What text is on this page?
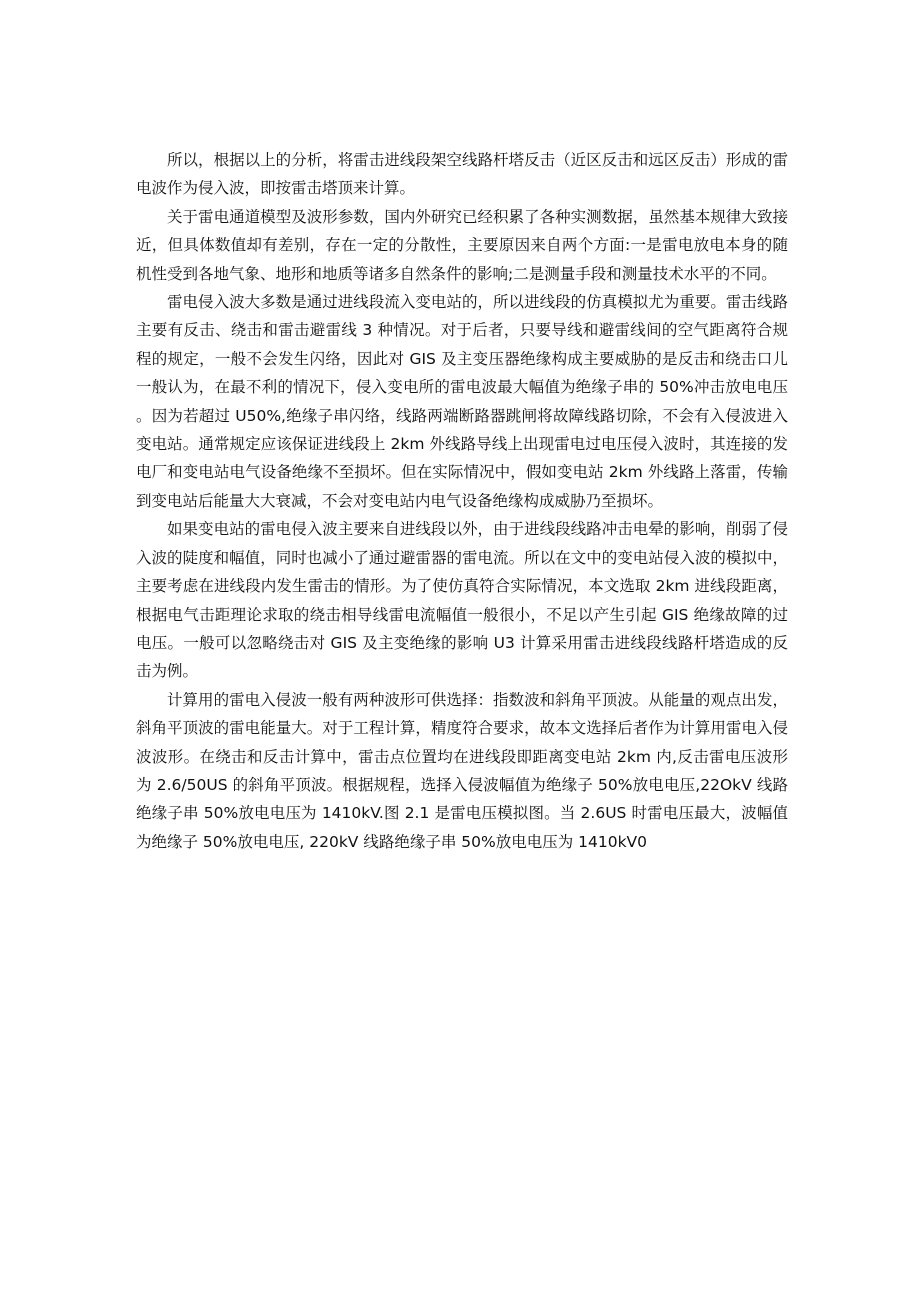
所以，根据以上的分析，将雷击进线段架空线路杆塔反击（近区反击和远区反击）形成的雷电波作为侵入波，即按雷击塔顶来计算。

关于雷电通道模型及波形参数，国内外研究已经积累了各种实测数据，虽然基本规律大致接近，但具体数值却有差别，存在一定的分散性，主要原因来自两个方面:一是雷电放电本身的随机性受到各地气象、地形和地质等诸多自然条件的影响;二是测量手段和测量技术水平的不同。

雷电侵入波大多数是通过进线段流入变电站的，所以进线段的仿真模拟尤为重要。雷击线路主要有反击、绕击和雷击避雷线 3 种情况。对于后者，只要导线和避雷线间的空气距离符合规程的规定，一般不会发生闪络，因此对 GIS 及主变压器绝缘构成主要威胁的是反击和绕击口儿一般认为，在最不利的情况下，侵入变电所的雷电波最大幅值为绝缘子串的 50%冲击放电电压。因为若超过 U50%,绝缘子串闪络，线路两端断路器跳闸将故障线路切除，不会有入侵波进入变电站。通常规定应该保证进线段上 2km 外线路导线上出现雷电过电压侵入波时，其连接的发电厂和变电站电气设备绝缘不至损坏。但在实际情况中，假如变电站 2km 外线路上落雷，传输到变电站后能量大大衰减，不会对变电站内电气设备绝缘构成威胁乃至损坏。

如果变电站的雷电侵入波主要来自进线段以外，由于进线段线路冲击电晕的影响，削弱了侵入波的陡度和幅值，同时也减小了通过避雷器的雷电流。所以在文中的变电站侵入波的模拟中，主要考虑在进线段内发生雷击的情形。为了使仿真符合实际情况，本文选取 2km 进线段距离，根据电气击距理论求取的绕击相导线雷电流幅值一般很小，不足以产生引起 GIS 绝缘故障的过电压。一般可以忽略绕击对 GIS 及主变绝缘的影响 U3 计算采用雷击进线段线路杆塔造成的反击为例。

计算用的雷电入侵波一般有两种波形可供选择：指数波和斜角平顶波。从能量的观点出发，斜角平顶波的雷电能量大。对于工程计算，精度符合要求，故本文选择后者作为计算用雷电入侵波波形。在绕击和反击计算中，雷击点位置均在进线段即距离变电站 2km 内,反击雷电压波形为 2.6/50US 的斜角平顶波。根据规程，选择入侵波幅值为绝缘子 50%放电电压,22OkV 线路绝缘子串 50%放电电压为 1410kV.图 2.1 是雷电压模拟图。当 2.6US 时雷电压最大，波幅值为绝缘子 50%放电电压, 220kV 线路绝缘子串 50%放电电压为 1410kV0
